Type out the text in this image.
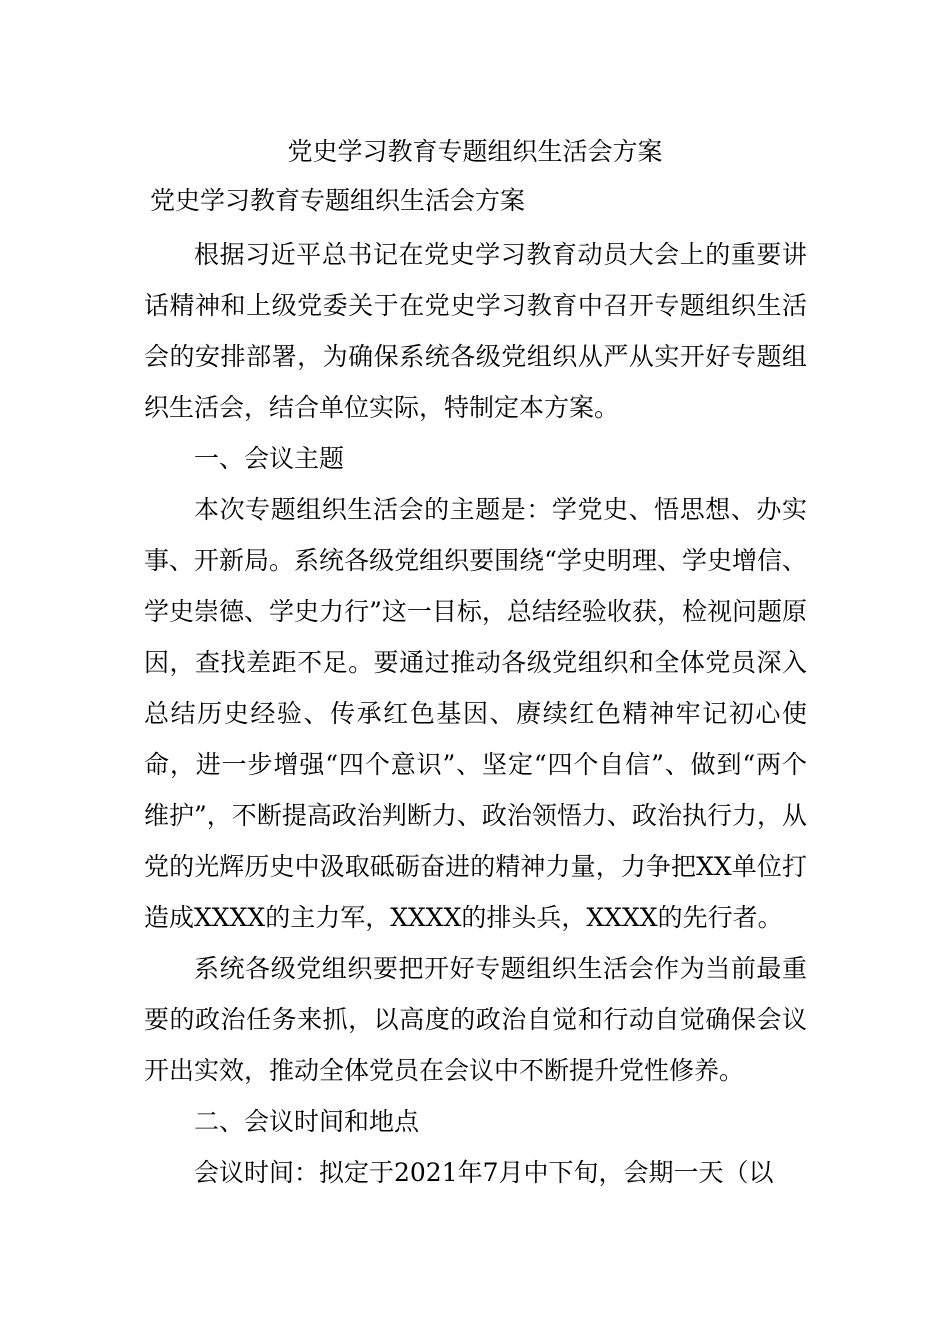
党史学习教育专题组织生活会方案
党史学习教育专题组织生活会方案

根据习近平总书记在党史学习教育动员大会上的重要讲话精神和上级党委关于在党史学习教育中召开专题组织生活会的安排部署，为确保系统各级党组织从严从实开好专题组织生活会，结合单位实际，特制定本方案。

一、会议主题

本次专题组织生活会的主题是：学党史、悟思想、办实事、开新局。系统各级党组织要围绕“学史明理、学史增信、学史崇德、学史力行”这一目标，总结经验收获，检视问题原因，查找差距不足。要通过推动各级党组织和全体党员深入总结历史经验、传承红色基因、赓续红色精神牢记初心使命，进一步增强“四个意识”、坚定“四个自信”、做到“两个维护”，不断提高政治判断力、政治领悟力、政治执行力，从党的光辉历史中汲取砥砺奋进的精神力量，力争把XX单位打造成XXXX的主力军，XXXX的排头兵，XXXX的先行者。

系统各级党组织要把开好专题组织生活会作为当前最重要的政治任务来抓，以高度的政治自觉和行动自觉确保会议开出实效，推动全体党员在会议中不断提升党性修养。

二、会议时间和地点

会议时间：拟定于2021年7月中下旬，会期一天（以
